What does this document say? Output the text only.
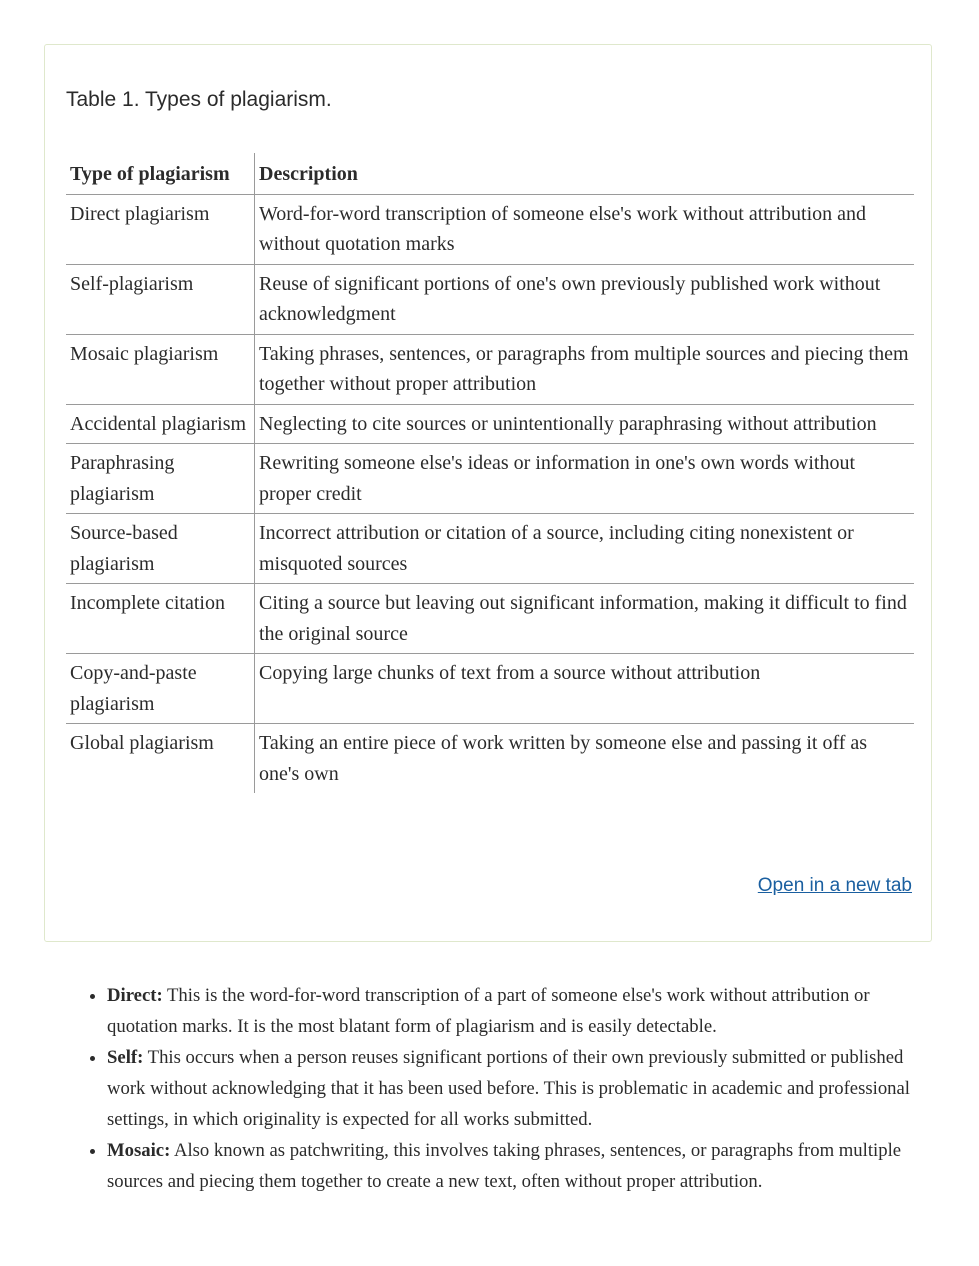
Table 1. Types of plagiarism.

Type of plagiarism	Description
Direct plagiarism	Word-for-word transcription of someone else's work without attribution and without quotation marks
Self-plagiarism	Reuse of significant portions of one's own previously published work without acknowledgment
Mosaic plagiarism	Taking phrases, sentences, or paragraphs from multiple sources and piecing them together without proper attribution
Accidental plagiarism	Neglecting to cite sources or unintentionally paraphrasing without attribution
Paraphrasing plagiarism	Rewriting someone else's ideas or information in one's own words without proper credit
Source-based plagiarism	Incorrect attribution or citation of a source, including citing nonexistent or misquoted sources
Incomplete citation	Citing a source but leaving out significant information, making it difficult to find the original source
Copy-and-paste plagiarism	Copying large chunks of text from a source without attribution
Global plagiarism	Taking an entire piece of work written by someone else and passing it off as one's own
Open in a new tab
• Direct: This is the word-for-word transcription of a part of someone else's work without attribution or quotation marks. It is the most blatant form of plagiarism and is easily detectable.
• Self: This occurs when a person reuses significant portions of their own previously submitted or published work without acknowledging that it has been used before. This is problematic in academic and professional settings, in which originality is expected for all works submitted.
• Mosaic: Also known as patchwriting, this involves taking phrases, sentences, or paragraphs from multiple sources and piecing them together to create a new text, often without proper attribution.
